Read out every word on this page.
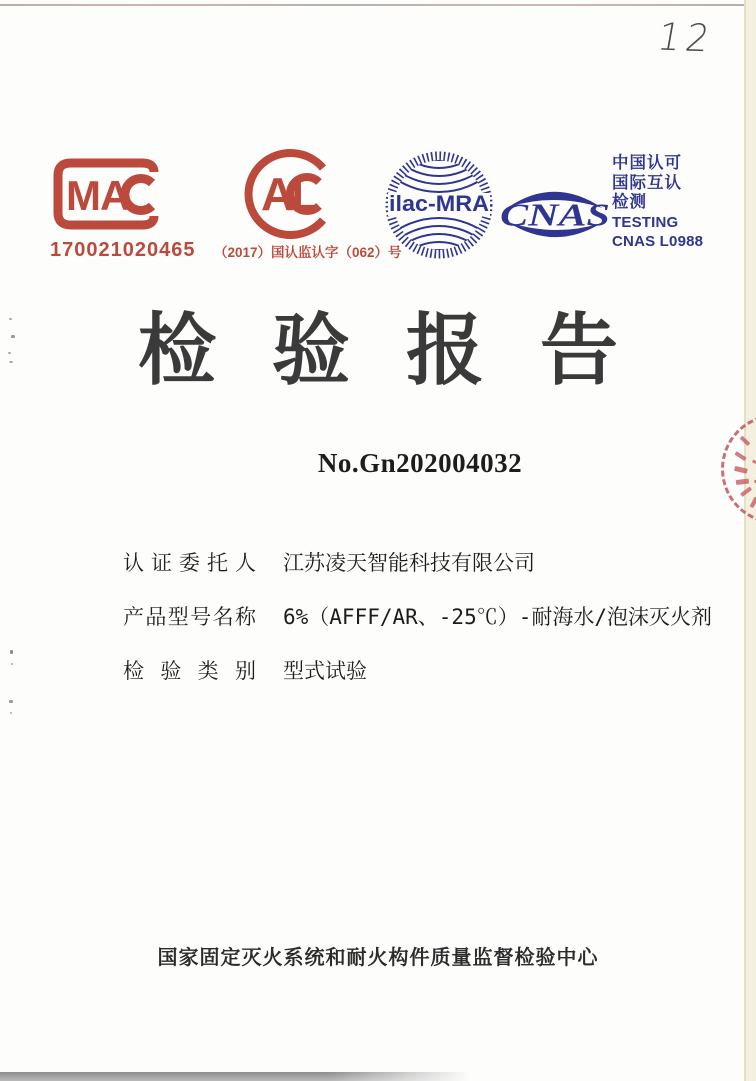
12
MA
170021020465
AL
（2017）国认监认字（062）号
ilac-MRA CNAS
中国认可
国际互认
检测
TESTING
CNAS L0988
检验报告
No.Gn202004032
认证委托人 江苏凌天智能科技有限公司
产品型号名称 6%（AFFF/AR、-25℃）-耐海水/泡沫灭火剂
检验类别 型式试验
国家固定灭火系统和耐火构件质量监督检验中心
